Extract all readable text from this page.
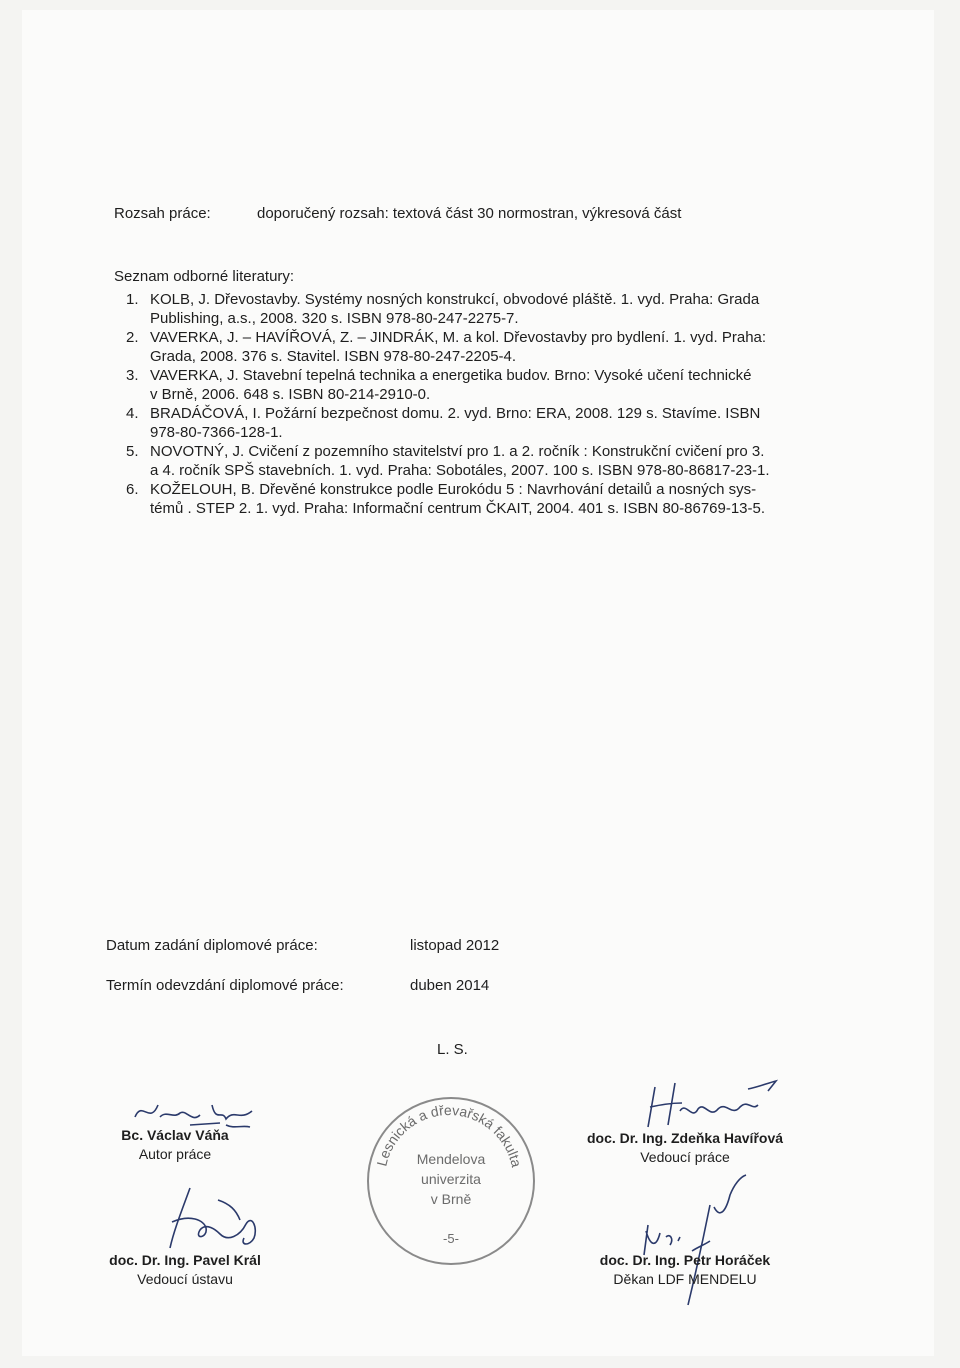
Rozsah práce:	doporučený rozsah: textová část 30 normostran, výkresová část
Seznam odborné literatury:
1. KOLB, J. Dřevostavby. Systémy nosných konstrukcí, obvodové pláště. 1. vyd. Praha: Grada
Publishing, a.s., 2008. 320 s. ISBN 978-80-247-2275-7.
2. VAVERKA, J. – HAVÍŘOVÁ, Z. – JINDRÁK, M. a kol. Dřevostavby pro bydlení. 1. vyd. Praha:
Grada, 2008. 376 s. Stavitel. ISBN 978-80-247-2205-4.
3. VAVERKA, J. Stavební tepelná technika a energetika budov. Brno: Vysoké učení technické
v Brně, 2006. 648 s. ISBN 80-214-2910-0.
4. BRADÁČOVÁ, I. Požární bezpečnost domu. 2. vyd. Brno: ERA, 2008. 129 s. Stavíme. ISBN
978-80-7366-128-1.
5. NOVOTNÝ, J. Cvičení z pozemního stavitelství pro 1. a 2. ročník : Konstrukční cvičení pro 3.
a 4. ročník SPŠ stavebních. 1. vyd. Praha: Sobotáles, 2007. 100 s. ISBN 978-80-86817-23-1.
6. KOŽELOUH, B. Dřevěné konstrukce podle Eurokódu 5 : Navrhování detailů a nosných sys-
témů . STEP 2. 1. vyd. Praha: Informační centrum ČKAIT, 2004. 401 s. ISBN 80-86769-13-5.
Datum zadání diplomové práce:	listopad 2012
Termín odevzdání diplomové práce:	duben 2014
L. S.
Bc. Václav Váňa
Autor práce
doc. Dr. Ing. Zdeňka Havířová
Vedoucí práce
doc. Dr. Ing. Pavel Král
Vedoucí ústavu
doc. Dr. Ing. Petr Horáček
Děkan LDF MENDELU
Lesnická a dřevařská fakulta
Mendelova
univerzita
v Brně
-5-
